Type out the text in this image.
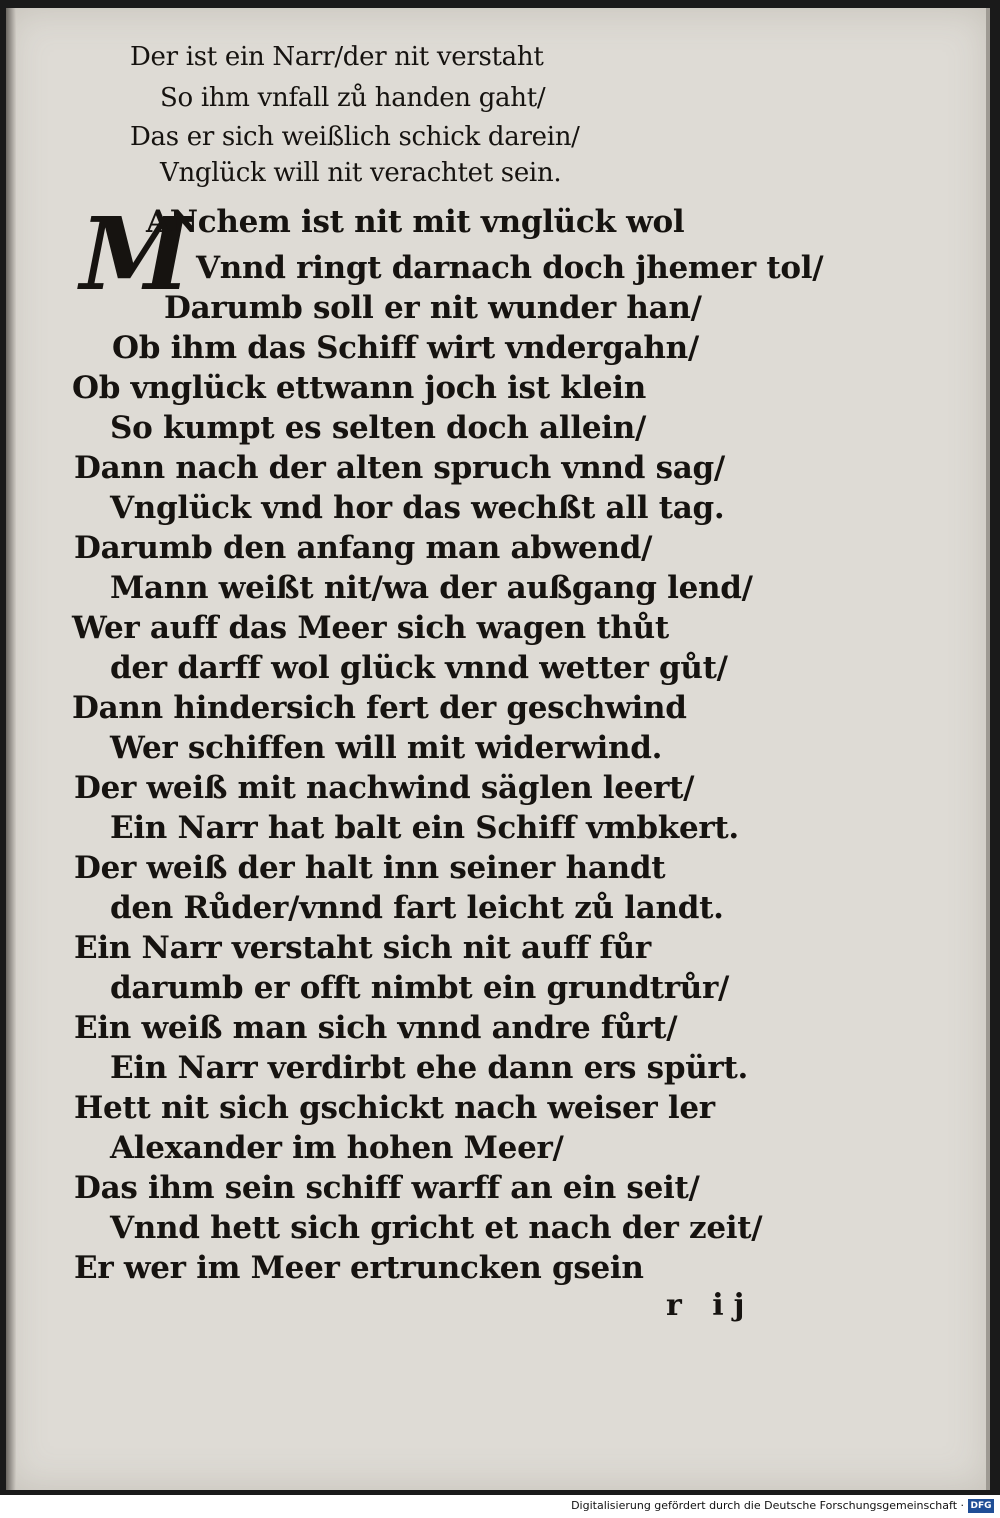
Der ist ein Narr/der nit verstaht
So ihm vnfall zů handen gaht/
Das er sich weißlich schick darein/
Vnglück will nit verachtet sein.
M
ANchem ist nit mit vnglück wol
Vnnd ringt darnach doch jhemer tol/
Darumb soll er nit wunder han/
Ob ihm das Schiff wirt vndergahn/
Ob vnglück ettwann joch ist klein
So kumpt es selten doch allein/
Dann nach der alten spruch vnnd sag/
Vnglück vnd hor das wechßt all tag.
Darumb den anfang man abwend/
Mann weißt nit/wa der außgang lend/
Wer auff das Meer sich wagen thůt
der darff wol glück vnnd wetter gůt/
Dann hindersich fert der geschwind
Wer schiffen will mit widerwind.
Der weiß mit nachwind säglen leert/
Ein Narr hat balt ein Schiff vmbkert.
Der weiß der halt inn seiner handt
den Růder/vnnd fart leicht zů landt.
Ein Narr verstaht sich nit auff fůr
darumb er offt nimbt ein grundtrůr/
Ein weiß man sich vnnd andre fůrt/
Ein Narr verdirbt ehe dann ers spürt.
Hett nit sich gschickt nach weiser ler
Alexander im hohen Meer/
Das ihm sein schiff warff an ein seit/
Vnnd hett sich gricht et nach der zeit/
Er wer im Meer ertruncken gsein
r ij
Digitalisierung gefördert durch die Deutsche Forschungsgemeinschaft · DFG
